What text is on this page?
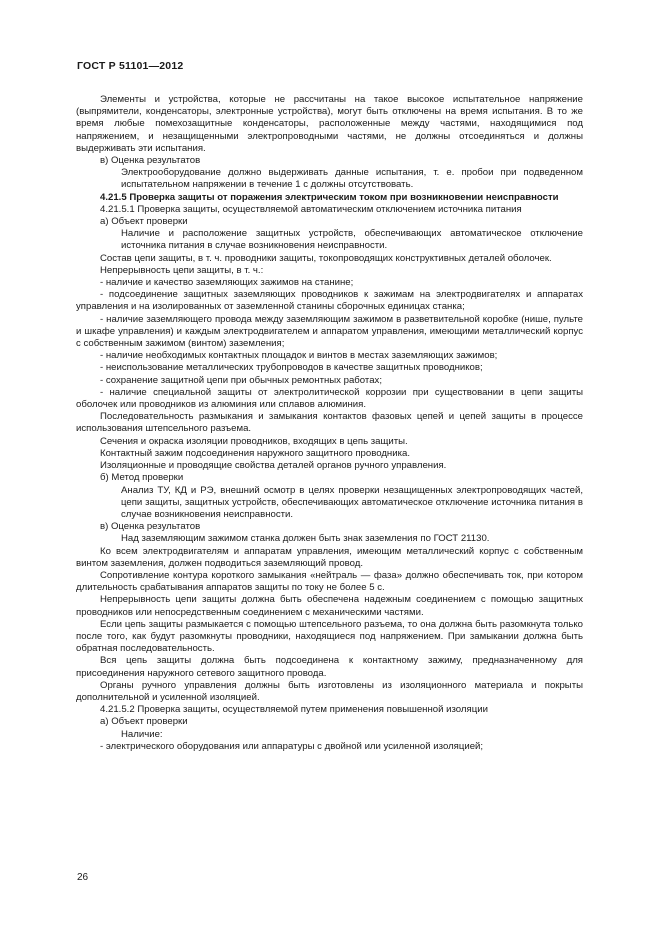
ГОСТ Р 51101—2012

Элементы и устройства, которые не рассчитаны на такое высокое испытательное напряжение (выпрямители, конденсаторы, электронные устройства), могут быть отключены на время испытания. В то же время любые помехозащитные конденсаторы, расположенные между частями, находящимися под напряжением, и незащищенными электропроводными частями, не должны отсоединяться и должны выдерживать эти испытания.

в) Оценка результатов

Электрооборудование должно выдерживать данные испытания, т. е. пробои при подведенном испытательном напряжении в течение 1 с должны отсутствовать.

4.21.5 Проверка защиты от поражения электрическим током при возникновении неисправности

4.21.5.1 Проверка защиты, осуществляемой автоматическим отключением источника питания

а) Объект проверки

Наличие и расположение защитных устройств, обеспечивающих автоматическое отключение источника питания в случае возникновения неисправности.

Состав цепи защиты, в т. ч. проводники защиты, токопроводящих конструктивных деталей оболочек.

Непрерывность цепи защиты, в т. ч.:

- наличие и качество заземляющих зажимов на станине;

- подсоединение защитных заземляющих проводников к зажимам на электродвигателях и аппаратах управления и на изолированных от заземленной станины сборочных единицах станка;

- наличие заземляющего провода между заземляющим зажимом в разветвительной коробке (нише, пульте и шкафе управления) и каждым электродвигателем и аппаратом управления, имеющими металлический корпус с собственным зажимом (винтом) заземления;

- наличие необходимых контактных площадок и винтов в местах заземляющих зажимов;

- неиспользование металлических трубопроводов в качестве защитных проводников;

- сохранение защитной цепи при обычных ремонтных работах;

- наличие специальной защиты от электролитической коррозии при существовании в цепи защиты оболочек или проводников из алюминия или сплавов алюминия.

Последовательность размыкания и замыкания контактов фазовых цепей и цепей защиты в процессе использования штепсельного разъема.

Сечения и окраска изоляции проводников, входящих в цепь защиты.

Контактный зажим подсоединения наружного защитного проводника.

Изоляционные и проводящие свойства деталей органов ручного управления.

б) Метод проверки

Анализ ТУ, КД и РЭ, внешний осмотр в целях проверки незащищенных электропроводящих частей, цепи защиты, защитных устройств, обеспечивающих автоматическое отключение источника питания в случае возникновения неисправности.

в) Оценка результатов

Над заземляющим зажимом станка должен быть знак заземления по ГОСТ 21130.

Ко всем электродвигателям и аппаратам управления, имеющим металлический корпус с собственным винтом заземления, должен подводиться заземляющий провод.

Сопротивление контура короткого замыкания «нейтраль — фаза» должно обеспечивать ток, при котором длительность срабатывания аппаратов защиты по току не более 5 с.

Непрерывность цепи защиты должна быть обеспечена надежным соединением с помощью защитных проводников или непосредственным соединением с механическими частями.

Если цепь защиты размыкается с помощью штепсельного разъема, то она должна быть разомкнута только после того, как будут разомкнуты проводники, находящиеся под напряжением. При замыкании должна быть обратная последовательность.

Вся цепь защиты должна быть подсоединена к контактному зажиму, предназначенному для присоединения наружного сетевого защитного провода.

Органы ручного управления должны быть изготовлены из изоляционного материала и покрыты дополнительной и усиленной изоляцией.

4.21.5.2 Проверка защиты, осуществляемой путем применения повышенной изоляции

а) Объект проверки

Наличие:

- электрического оборудования или аппаратуры с двойной или усиленной изоляцией;

26
